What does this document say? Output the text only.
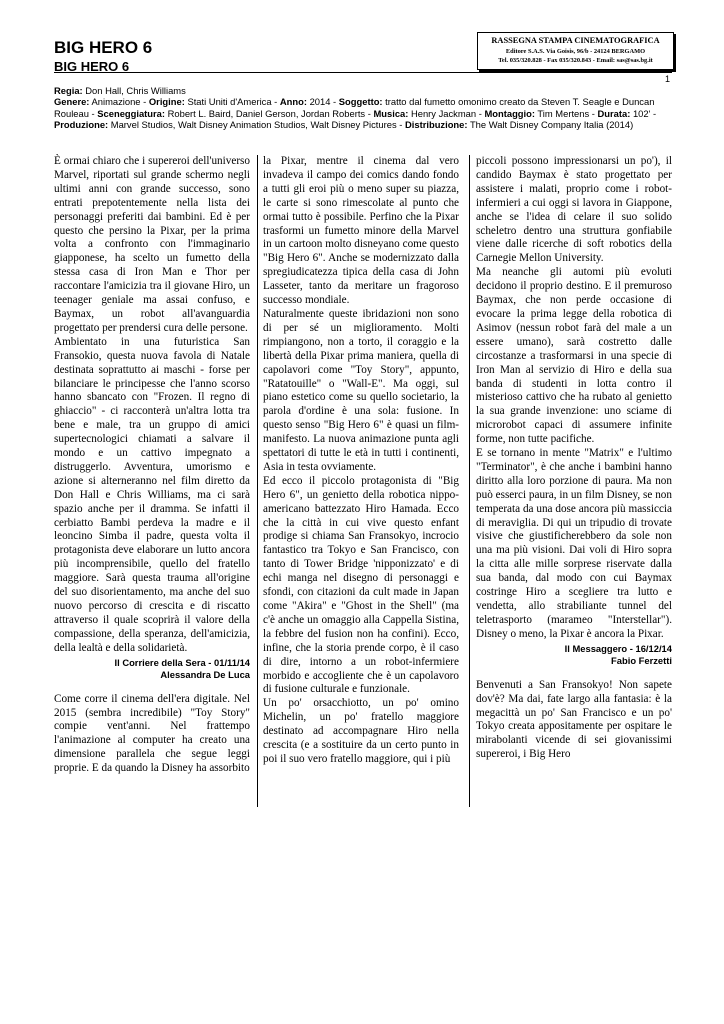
BIG HERO 6
BIG HERO 6
RASSEGNA STAMPA CINEMATOGRAFICA
Editore S.A.S. Via Goisis, 96/b - 24124 BERGAMO
Tel. 035/320.828 - Fax 035/320.843 - Email: sas@sas.bg.it
1
Regia: Don Hall, Chris Williams
Genere: Animazione - Origine: Stati Uniti d'America - Anno: 2014 - Soggetto: tratto dal fumetto omonimo creato da Steven T. Seagle e Duncan Rouleau - Sceneggiatura: Robert L. Baird, Daniel Gerson, Jordan Roberts - Musica: Henry Jackman - Montaggio: Tim Mertens - Durata: 102' - Produzione: Marvel Studios, Walt Disney Animation Studios, Walt Disney Pictures - Distribuzione: The Walt Disney Company Italia (2014)

È ormai chiaro che i supereroi dell'universo Marvel, riportati sul grande schermo negli ultimi anni con grande successo, sono entrati prepotentemente nella lista dei personaggi preferiti dai bambini. Ed è per questo che persino la Pixar, per la prima volta a confronto con l'immaginario giapponese, ha scelto un fumetto della stessa casa di Iron Man e Thor per raccontare l'amicizia tra il giovane Hiro, un teenager geniale ma assai confuso, e Baymax, un robot all'avanguardia progettato per prendersi cura delle persone.

Ambientato in una futuristica San Fransokio, questa nuova favola di Natale destinata soprattutto ai maschi - forse per bilanciare le principesse che l'anno scorso hanno sbancato con "Frozen. Il regno di ghiaccio" - ci racconterà un'altra lotta tra bene e male, tra un gruppo di amici supertecnologici chiamati a salvare il mondo e un cattivo impegnato a distruggerlo. Avventura, umorismo e azione si alterneranno nel film diretto da Don Hall e Chris Williams, ma ci sarà spazio anche per il dramma. Se infatti il cerbiatto Bambi perdeva la madre e il leoncino Simba il padre, questa volta il protagonista deve elaborare un lutto ancora più incomprensibile, quello del fratello maggiore. Sarà questa trauma all'origine del suo disorientamento, ma anche del suo nuovo percorso di crescita e di riscatto attraverso il quale scoprirà il valore della compassione, della speranza, dell'amicizia, della lealtà e della solidarietà.

Il Corriere della Sera - 01/11/14
Alessandra De Luca

Come corre il cinema dell'era digitale. Nel 2015 (sembra incredibile) "Toy Story" compie vent'anni. Nel frattempo l'animazione al computer ha creato una dimensione parallela che segue leggi proprie. E da quando la Disney ha assorbito

la Pixar, mentre il cinema dal vero invadeva il campo dei comics dando fondo a tutti gli eroi più o meno super su piazza, le carte si sono rimescolate al punto che ormai tutto è possibile. Perfino che la Pixar trasformi un fumetto minore della Marvel in un cartoon molto disneyano come questo "Big Hero 6". Anche se modernizzato dalla spregiudicatezza tipica della casa di John Lasseter, tanto da meritare un fragoroso successo mondiale.

Naturalmente queste ibridazioni non sono di per sé un miglioramento. Molti rimpiangono, non a torto, il coraggio e la libertà della Pixar prima maniera, quella di capolavori come "Toy Story", appunto, "Ratatouille" o "Wall-E". Ma oggi, sul piano estetico come su quello societario, la parola d'ordine è una sola: fusione. In questo senso "Big Hero 6" è quasi un film-manifesto. La nuova animazione punta agli spettatori di tutte le età in tutti i continenti, Asia in testa ovviamente.

Ed ecco il piccolo protagonista di "Big Hero 6", un genietto della robotica nippo-americano battezzato Hiro Hamada. Ecco che la città in cui vive questo enfant prodige si chiama San Fransokyo, incrocio fantastico tra Tokyo e San Francisco, con tanto di Tower Bridge 'nipponizzato' e di echi manga nel disegno di personaggi e sfondi, con citazioni da cult made in Japan come "Akira" e "Ghost in the Shell" (ma c'è anche un omaggio alla Cappella Sistina, la febbre del fusion non ha confini). Ecco, infine, che la storia prende corpo, è il caso di dire, intorno a un robot-infermiere morbido e accogliente che è un capolavoro di fusione culturale e funzionale.

Un po' orsacchiotto, un po' omino Michelin, un po' fratello maggiore destinato ad accompagnare Hiro nella crescita (e a sostituire da un certo punto in poi il suo vero fratello maggiore, qui i più

piccoli possono impressionarsi un po'), il candido Baymax è stato progettato per assistere i malati, proprio come i robot-infermieri a cui oggi si lavora in Giappone, anche se l'idea di celare il suo solido scheletro dentro una struttura gonfiabile viene dalle ricerche di soft robotics della Carnegie Mellon University.

Ma neanche gli automi più evoluti decidono il proprio destino. E il premuroso Baymax, che non perde occasione di evocare la prima legge della robotica di Asimov (nessun robot farà del male a un essere umano), sarà costretto dalle circostanze a trasformarsi in una specie di Iron Man al servizio di Hiro e della sua banda di studenti in lotta contro il misterioso cattivo che ha rubato al genietto la sua grande invenzione: uno sciame di microrobot capaci di assumere infinite forme, non tutte pacifiche.

E se tornano in mente "Matrix" e l'ultimo "Terminator", è che anche i bambini hanno diritto alla loro porzione di paura. Ma non può esserci paura, in un film Disney, se non temperata da una dose ancora più massiccia di meraviglia. Di qui un tripudio di trovate visive che giustificherebbero da sole non una ma più visioni. Dai voli di Hiro sopra la citta alle mille sorprese riservate dalla sua banda, dal modo con cui Baymax costringe Hiro a scegliere tra lutto e vendetta, allo strabiliante tunnel del teletrasporto (marameo "Interstellar"). Disney o meno, la Pixar è ancora la Pixar.

Il Messaggero - 16/12/14
Fabio Ferzetti

Benvenuti a San Fransokyo! Non sapete dov'è? Ma dai, fate largo alla fantasia: è la megacittà un po' San Francisco e un po' Tokyo creata appositamente per ospitare le mirabolanti vicende di sei giovanissimi supereroi, i Big Hero
